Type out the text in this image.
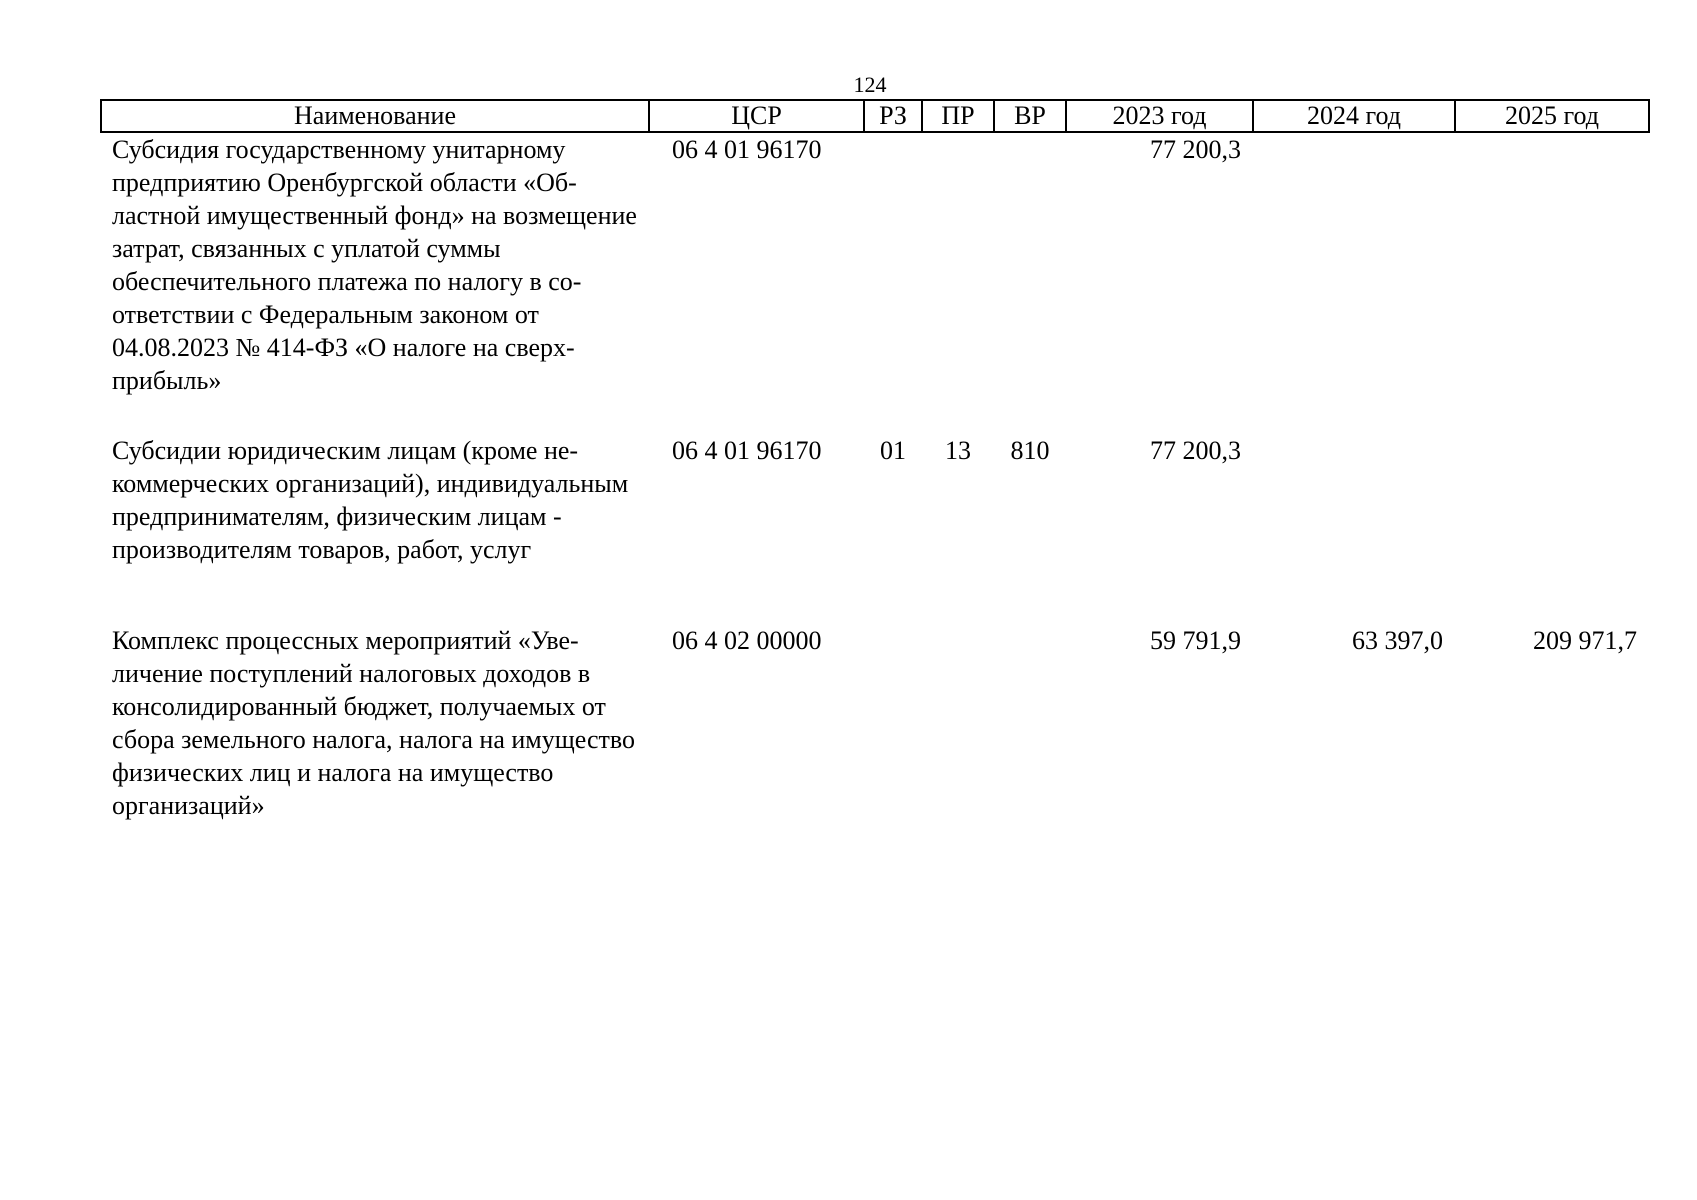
124
Наименование	ЦСР	РЗ	ПР	ВР	2023 год	2024 год	2025 год
Субсидия государственному унитарному предприятию Оренбургской области «Областной имущественный фонд» на возмещение затрат, связанных с уплатой суммы обеспечительного платежа по налогу в соответствии с Федеральным законом от 04.08.2023 № 414-ФЗ «О налоге на сверхприбыль»	06 4 01 96170				77 200,3		
Субсидии юридическим лицам (кроме некоммерческих организаций), индивидуальным предпринимателям, физическим лицам - производителям товаров, работ, услуг	06 4 01 96170	01	13	810	77 200,3		
Комплекс процессных мероприятий «Увеличение поступлений налоговых доходов в консолидированный бюджет, получаемых от сбора земельного налога, налога на имущество физических лиц и налога на имущество организаций»	06 4 02 00000				59 791,9	63 397,0	209 971,7
